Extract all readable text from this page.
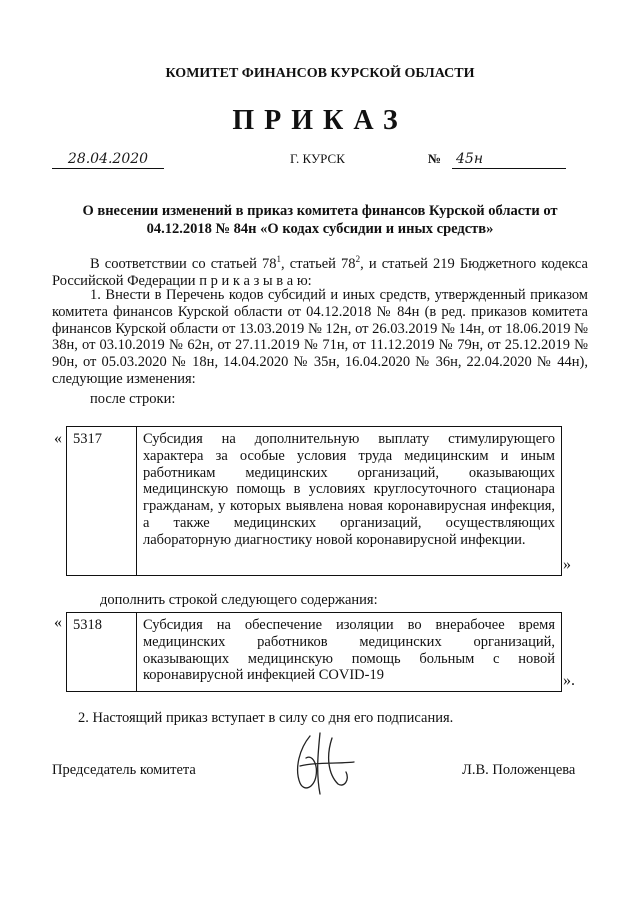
КОМИТЕТ ФИНАНСОВ КУРСКОЙ ОБЛАСТИ
ПРИКАЗ
28.04.2020	Г. КУРСК	№ 45н
О внесении изменений в приказ комитета финансов Курской области от 04.12.2018 № 84н «О кодах субсидии и иных средств»
В соответствии со статьей $78^1$, статьей $78^2$, и статьей 219 Бюджетного кодекса Российской Федерации п р и к а з ы в а ю:
1. Внести в Перечень кодов субсидий и иных средств, утвержденный приказом комитета финансов Курской области от 04.12.2018 № 84н (в ред. приказов комитета финансов Курской области от 13.03.2019 № 12н, от 26.03.2019 № 14н, от 18.06.2019 № 38н, от 03.10.2019 № 62н, от 27.11.2019 № 71н, от 11.12.2019 № 79н, от 25.12.2019 № 90н, от 05.03.2020 № 18н, 14.04.2020 № 35н, 16.04.2020 № 36н, 22.04.2020 № 44н), следующие изменения:
после строки:
« 5317	Субсидия на дополнительную выплату стимулирующего характера за особые условия труда медицинским и иным работникам медицинских организаций, оказывающих медицинскую помощь в условиях круглосуточного стационара гражданам, у которых выявлена новая коронавирусная инфекция, а также медицинских организаций, осуществляющих лабораторную диагностику новой коронавирусной инфекции.
»
дополнить строкой следующего содержания:
« 5318	Субсидия на обеспечение изоляции во внерабочее время медицинских работников медицинских организаций, оказывающих медицинскую помощь больным с новой коронавирусной инфекцией COVID-19	».
2. Настоящий приказ вступает в силу со дня его подписания.
Председатель комитета	Л.В. Положенцева
